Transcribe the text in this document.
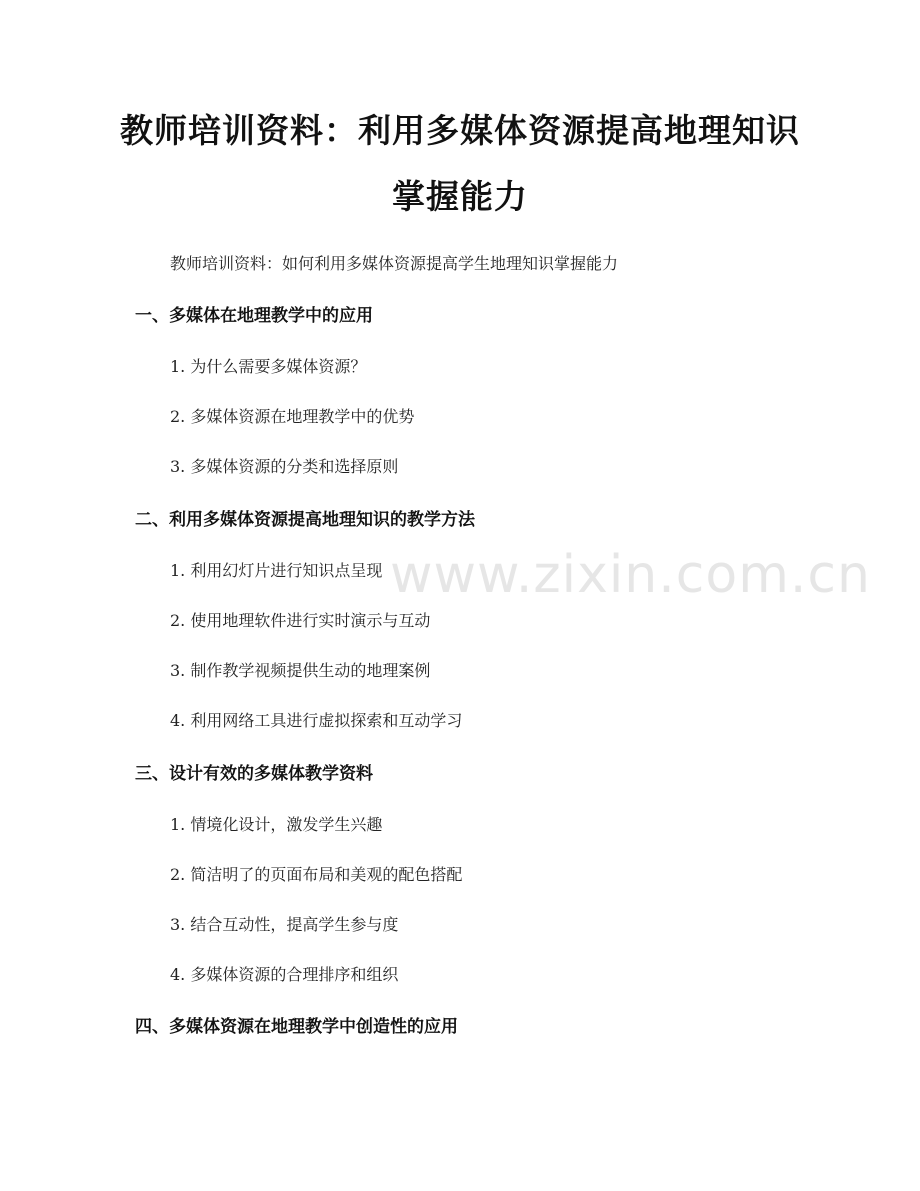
www.zixin.com.cn
教师培训资料：利用多媒体资源提高地理知识掌握能力
教师培训资料：如何利用多媒体资源提高学生地理知识掌握能力
一、多媒体在地理教学中的应用
1. 为什么需要多媒体资源？
2. 多媒体资源在地理教学中的优势
3. 多媒体资源的分类和选择原则
二、利用多媒体资源提高地理知识的教学方法
1. 利用幻灯片进行知识点呈现
2. 使用地理软件进行实时演示与互动
3. 制作教学视频提供生动的地理案例
4. 利用网络工具进行虚拟探索和互动学习
三、设计有效的多媒体教学资料
1. 情境化设计，激发学生兴趣
2. 简洁明了的页面布局和美观的配色搭配
3. 结合互动性，提高学生参与度
4. 多媒体资源的合理排序和组织
四、多媒体资源在地理教学中创造性的应用
